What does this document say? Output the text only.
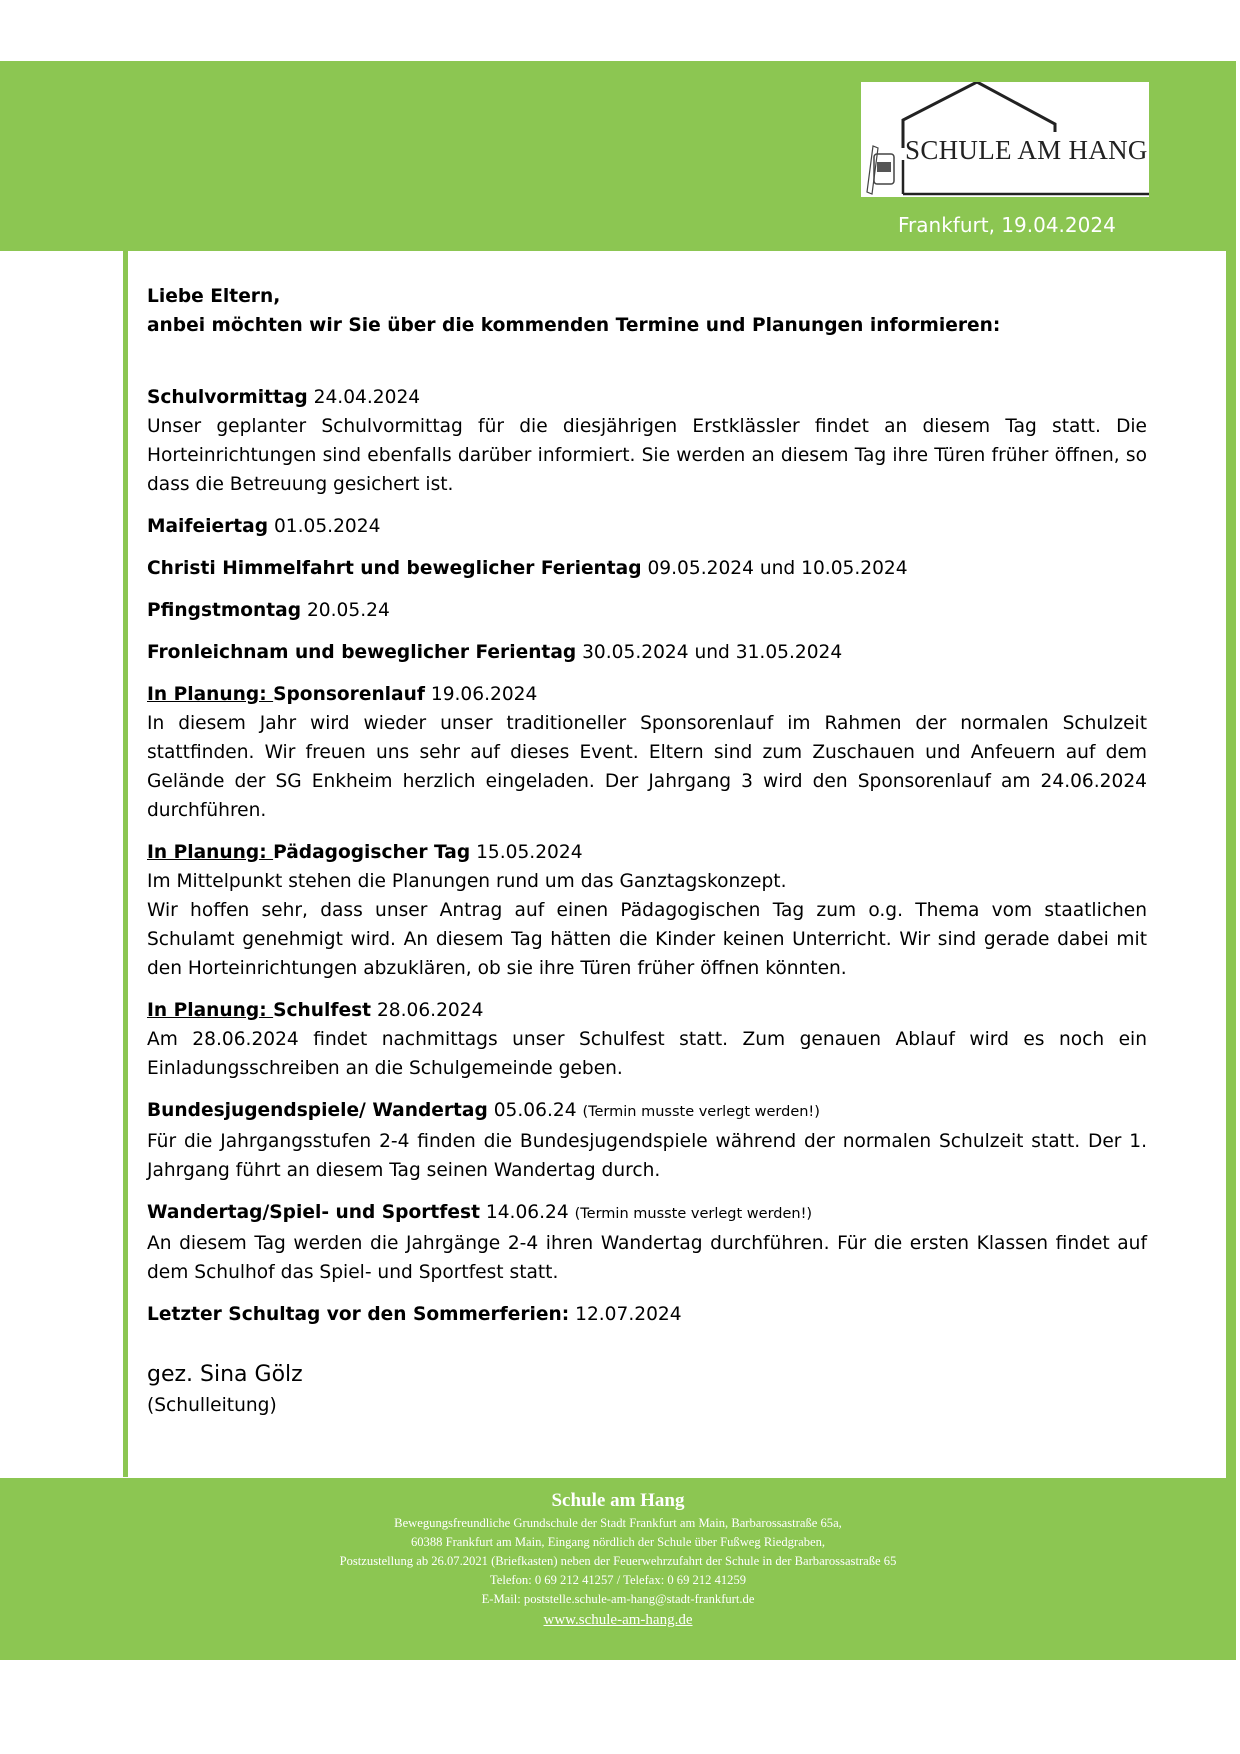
SCHULE AM HANG
Frankfurt, 19.04.2024

Liebe Eltern,

anbei möchten wir Sie über die kommenden Termine und Planungen informieren:

Schulvormittag 24.04.2024

Unser geplanter Schulvormittag für die diesjährigen Erstklässler findet an diesem Tag statt. Die Horteinrichtungen sind ebenfalls darüber informiert. Sie werden an diesem Tag ihre Türen früher öffnen, so dass die Betreuung gesichert ist.

Maifeiertag 01.05.2024
Christi Himmelfahrt und beweglicher Ferientag 09.05.2024 und 10.05.2024
Pfingstmontag 20.05.24
Fronleichnam und beweglicher Ferientag 30.05.2024 und 31.05.2024
In Planung: Sponsorenlauf 19.06.2024

In diesem Jahr wird wieder unser traditioneller Sponsorenlauf im Rahmen der normalen Schulzeit stattfinden. Wir freuen uns sehr auf dieses Event. Eltern sind zum Zuschauen und Anfeuern auf dem Gelände der SG Enkheim herzlich eingeladen. Der Jahrgang 3 wird den Sponsorenlauf am 24.06.2024 durchführen.

In Planung: Pädagogischer Tag 15.05.2024

Im Mittelpunkt stehen die Planungen rund um das Ganztagskonzept.

Wir hoffen sehr, dass unser Antrag auf einen Pädagogischen Tag zum o.g. Thema vom staatlichen Schulamt genehmigt wird. An diesem Tag hätten die Kinder keinen Unterricht. Wir sind gerade dabei mit den Horteinrichtungen abzuklären, ob sie ihre Türen früher öffnen könnten.

In Planung: Schulfest 28.06.2024

Am 28.06.2024 findet nachmittags unser Schulfest statt. Zum genauen Ablauf wird es noch ein Einladungsschreiben an die Schulgemeinde geben.

Bundesjugendspiele/ Wandertag 05.06.24 (Termin musste verlegt werden!)

Für die Jahrgangsstufen 2-4 finden die Bundesjugendspiele während der normalen Schulzeit statt. Der 1. Jahrgang führt an diesem Tag seinen Wandertag durch.

Wandertag/Spiel- und Sportfest 14.06.24 (Termin musste verlegt werden!)

An diesem Tag werden die Jahrgänge 2-4 ihren Wandertag durchführen. Für die ersten Klassen findet auf dem Schulhof das Spiel- und Sportfest statt.

Letzter Schultag vor den Sommerferien: 12.07.2024
gez. Sina Gölz

(Schulleitung)

Schule am Hang
Bewegungsfreundliche Grundschule der Stadt Frankfurt am Main, Barbarossastraße 65a,
60388 Frankfurt am Main, Eingang nördlich der Schule über Fußweg Riedgraben,
Postzustellung ab 26.07.2021 (Briefkasten) neben der Feuerwehrzufahrt der Schule in der Barbarossastraße 65
Telefon: 0 69 212 41257 / Telefax: 0 69 212 41259
E-Mail: poststelle.schule-am-hang@stadt-frankfurt.de
www.schule-am-hang.de
